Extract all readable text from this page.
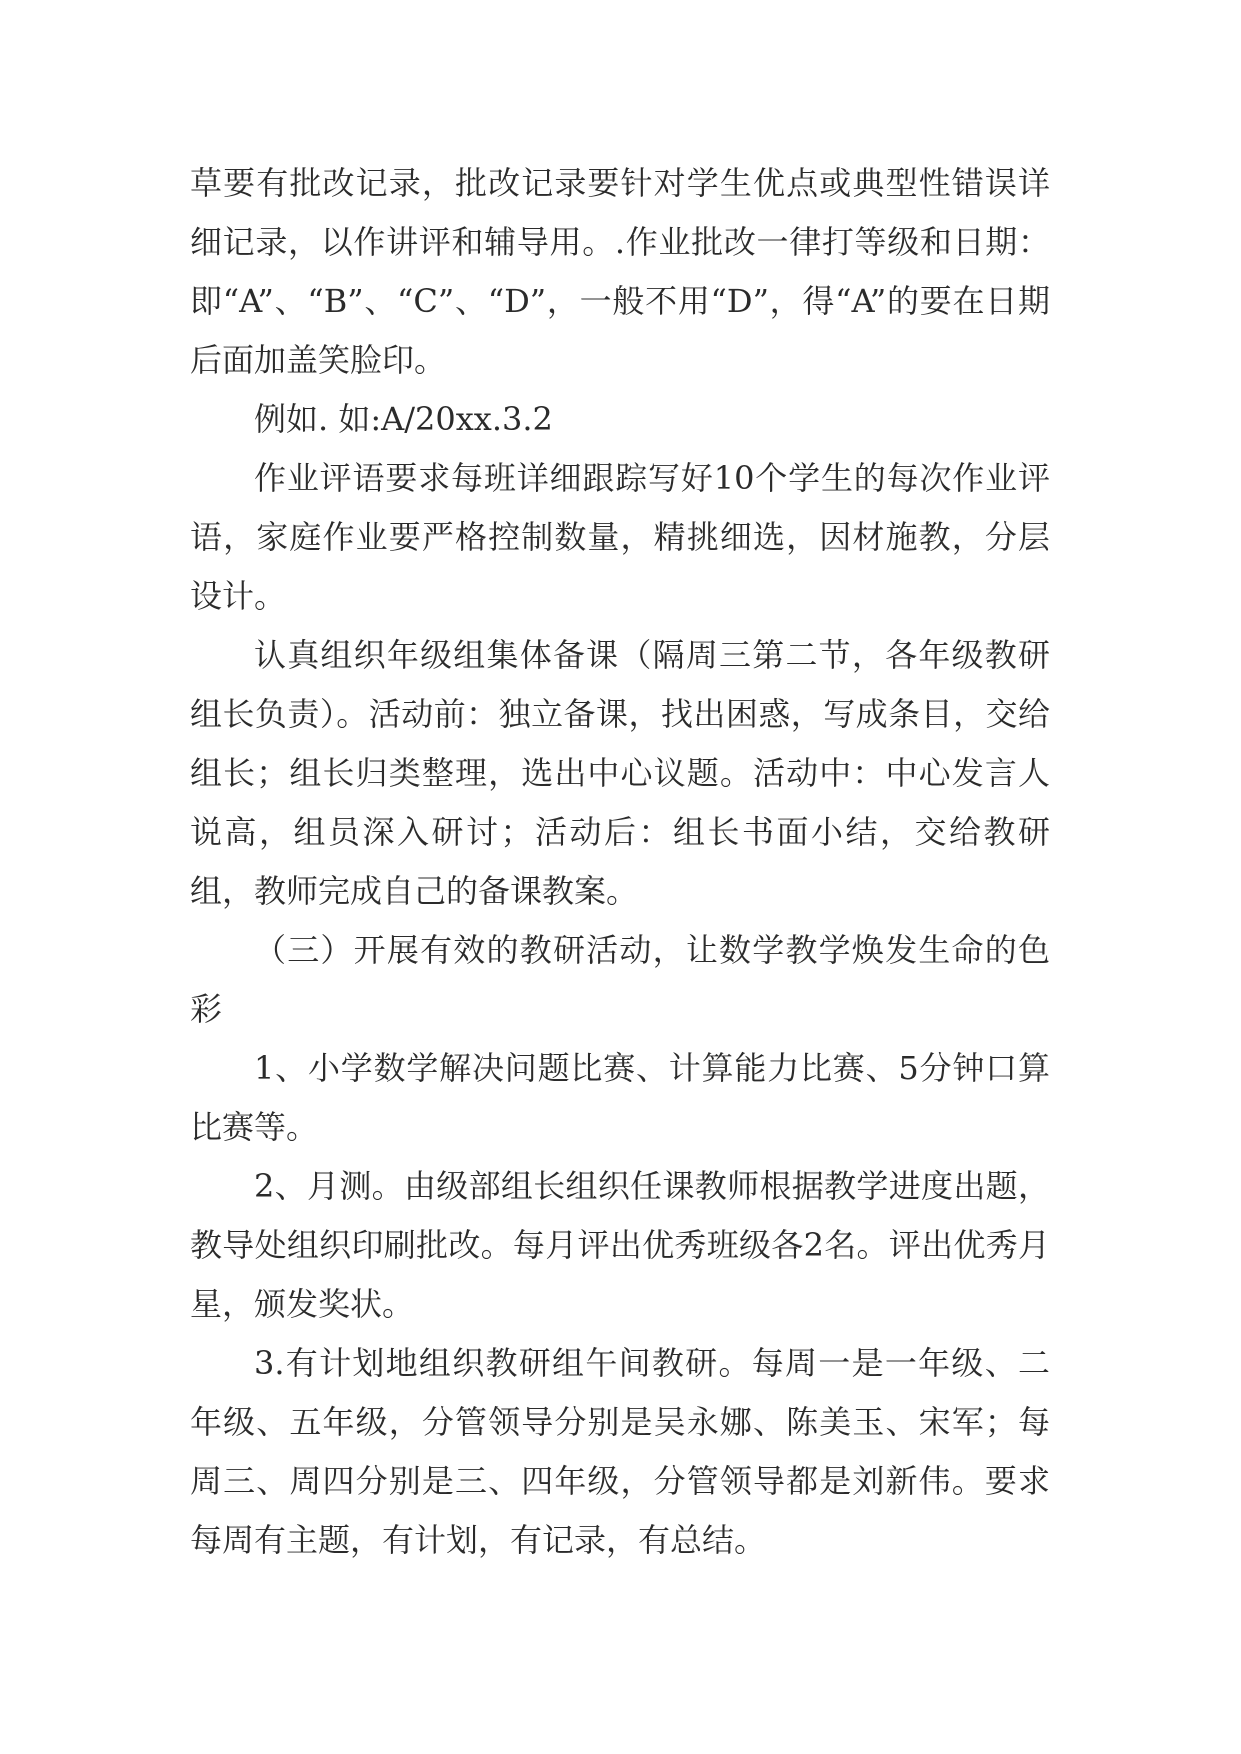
草要有批改记录，批改记录要针对学生优点或典型性错误详细记录，以作讲评和辅导用。.作业批改一律打等级和日期：即“A”、“B”、“C”、“D”，一般不用“D”，得“A”的要在日期后面加盖笑脸印。

例如. 如:A/20xx.3.2

作业评语要求每班详细跟踪写好10个学生的每次作业评语，家庭作业要严格控制数量，精挑细选，因材施教，分层设计。

认真组织年级组集体备课（隔周三第二节，各年级教研组长负责）。活动前：独立备课，找出困惑，写成条目，交给组长；组长归类整理，选出中心议题。活动中：中心发言人说高，组员深入研讨；活动后：组长书面小结，交给教研组，教师完成自己的备课教案。

（三）开展有效的教研活动，让数学教学焕发生命的色彩

1、小学数学解决问题比赛、计算能力比赛、5分钟口算比赛等。

2、月测。由级部组长组织任课教师根据教学进度出题，教导处组织印刷批改。每月评出优秀班级各2名。评出优秀月星，颁发奖状。

3.有计划地组织教研组午间教研。每周一是一年级、二年级、五年级，分管领导分别是吴永娜、陈美玉、宋军；每周三、周四分别是三、四年级，分管领导都是刘新伟。要求每周有主题，有计划，有记录，有总结。
